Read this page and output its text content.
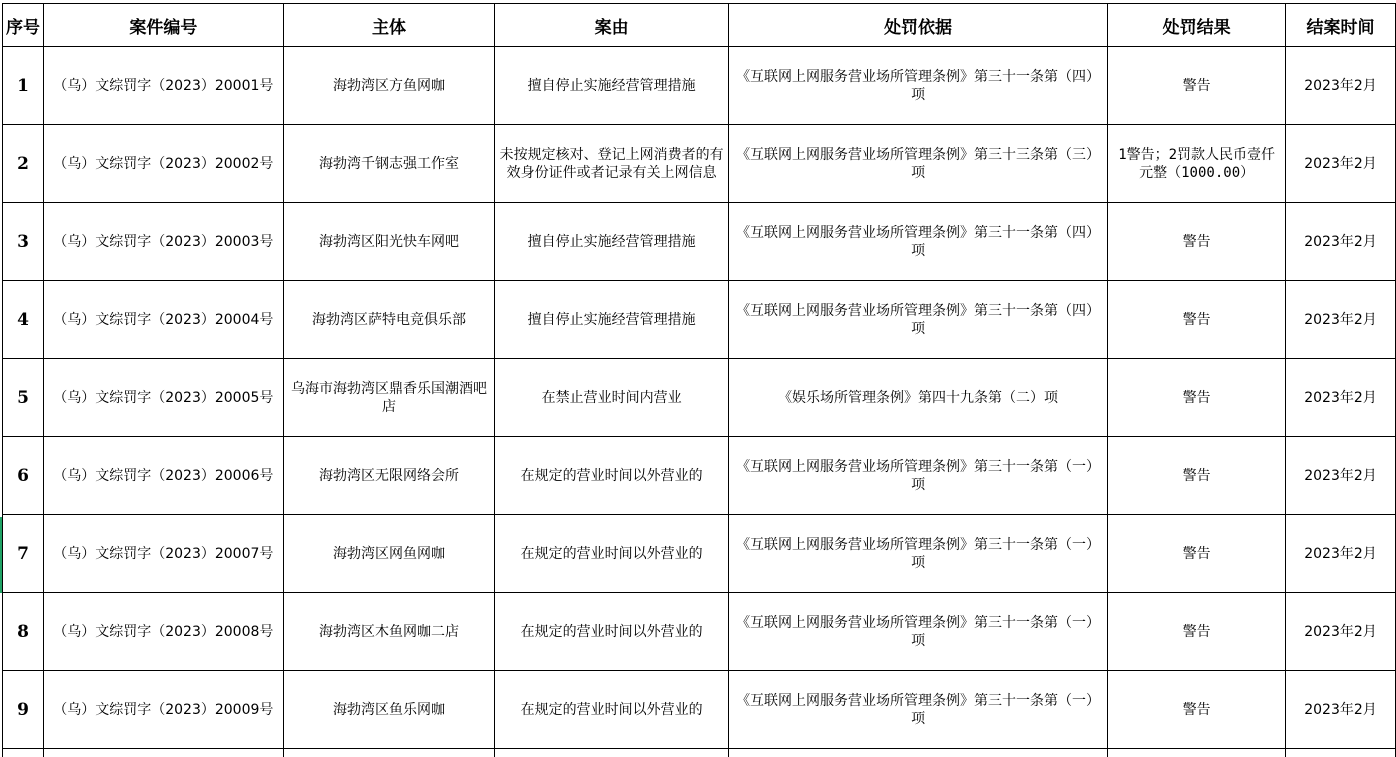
序号	案件编号	主体	案由	处罚依据	处罚结果	结案时间
1	（乌）文综罚字（2023）20001号	海勃湾区方鱼网咖	擅自停止实施经营管理措施	《互联网上网服务营业场所管理条例》第三十一条第（四）项	警告	2023年2月
2	（乌）文综罚字（2023）20002号	海勃湾千钢志强工作室	未按规定核对、登记上网消费者的有效身份证件或者记录有关上网信息	《互联网上网服务营业场所管理条例》第三十三条第（三）项	1警告；2罚款人民币壹仟元整（1000.00）	2023年2月
3	（乌）文综罚字（2023）20003号	海勃湾区阳光快车网吧	擅自停止实施经营管理措施	《互联网上网服务营业场所管理条例》第三十一条第（四）项	警告	2023年2月
4	（乌）文综罚字（2023）20004号	海勃湾区萨特电竞俱乐部	擅自停止实施经营管理措施	《互联网上网服务营业场所管理条例》第三十一条第（四）项	警告	2023年2月
5	（乌）文综罚字（2023）20005号	乌海市海勃湾区鼎香乐国潮酒吧店	在禁止营业时间内营业	《娱乐场所管理条例》第四十九条第（二）项	警告	2023年2月
6	（乌）文综罚字（2023）20006号	海勃湾区无限网络会所	在规定的营业时间以外营业的	《互联网上网服务营业场所管理条例》第三十一条第（一）项	警告	2023年2月
7	（乌）文综罚字（2023）20007号	海勃湾区网鱼网咖	在规定的营业时间以外营业的	《互联网上网服务营业场所管理条例》第三十一条第（一）项	警告	2023年2月
8	（乌）文综罚字（2023）20008号	海勃湾区木鱼网咖二店	在规定的营业时间以外营业的	《互联网上网服务营业场所管理条例》第三十一条第（一）项	警告	2023年2月
9	（乌）文综罚字（2023）20009号	海勃湾区鱼乐网咖	在规定的营业时间以外营业的	《互联网上网服务营业场所管理条例》第三十一条第（一）项	警告	2023年2月
